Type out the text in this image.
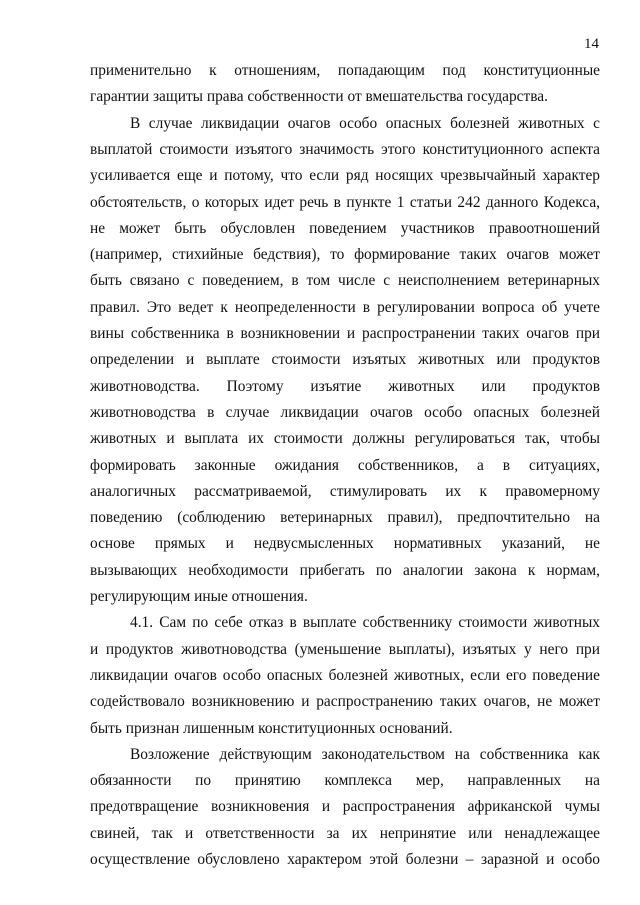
14
применительно к отношениям, попадающим под конституционные
гарантии защиты права собственности от вмешательства государства.
В случае ликвидации очагов особо опасных болезней животных с
выплатой стоимости изъятого значимость этого конституционного аспекта
усиливается еще и потому, что если ряд носящих чрезвычайный характер
обстоятельств, о которых идет речь в пункте 1 статьи 242 данного Кодекса,
не может быть обусловлен поведением участников правоотношений
(например, стихийные бедствия), то формирование таких очагов может
быть связано с поведением, в том числе с неисполнением ветеринарных
правил. Это ведет к неопределенности в регулировании вопроса об учете
вины собственника в возникновении и распространении таких очагов при
определении и выплате стоимости изъятых животных или продуктов
животноводства. Поэтому изъятие животных или продуктов
животноводства в случае ликвидации очагов особо опасных болезней
животных и выплата их стоимости должны регулироваться так, чтобы
формировать законные ожидания собственников, а в ситуациях,
аналогичных рассматриваемой, стимулировать их к правомерному
поведению (соблюдению ветеринарных правил), предпочтительно на
основе прямых и недвусмысленных нормативных указаний, не
вызывающих необходимости прибегать по аналогии закона к нормам,
регулирующим иные отношения.
4.1. Сам по себе отказ в выплате собственнику стоимости животных
и продуктов животноводства (уменьшение выплаты), изъятых у него при
ликвидации очагов особо опасных болезней животных, если его поведение
содействовало возникновению и распространению таких очагов, не может
быть признан лишенным конституционных оснований.
Возложение действующим законодательством на собственника как
обязанности по принятию комплекса мер, направленных на
предотвращение возникновения и распространения африканской чумы
свиней, так и ответственности за их непринятие или ненадлежащее
осуществление обусловлено характером этой болезни – заразной и особо
